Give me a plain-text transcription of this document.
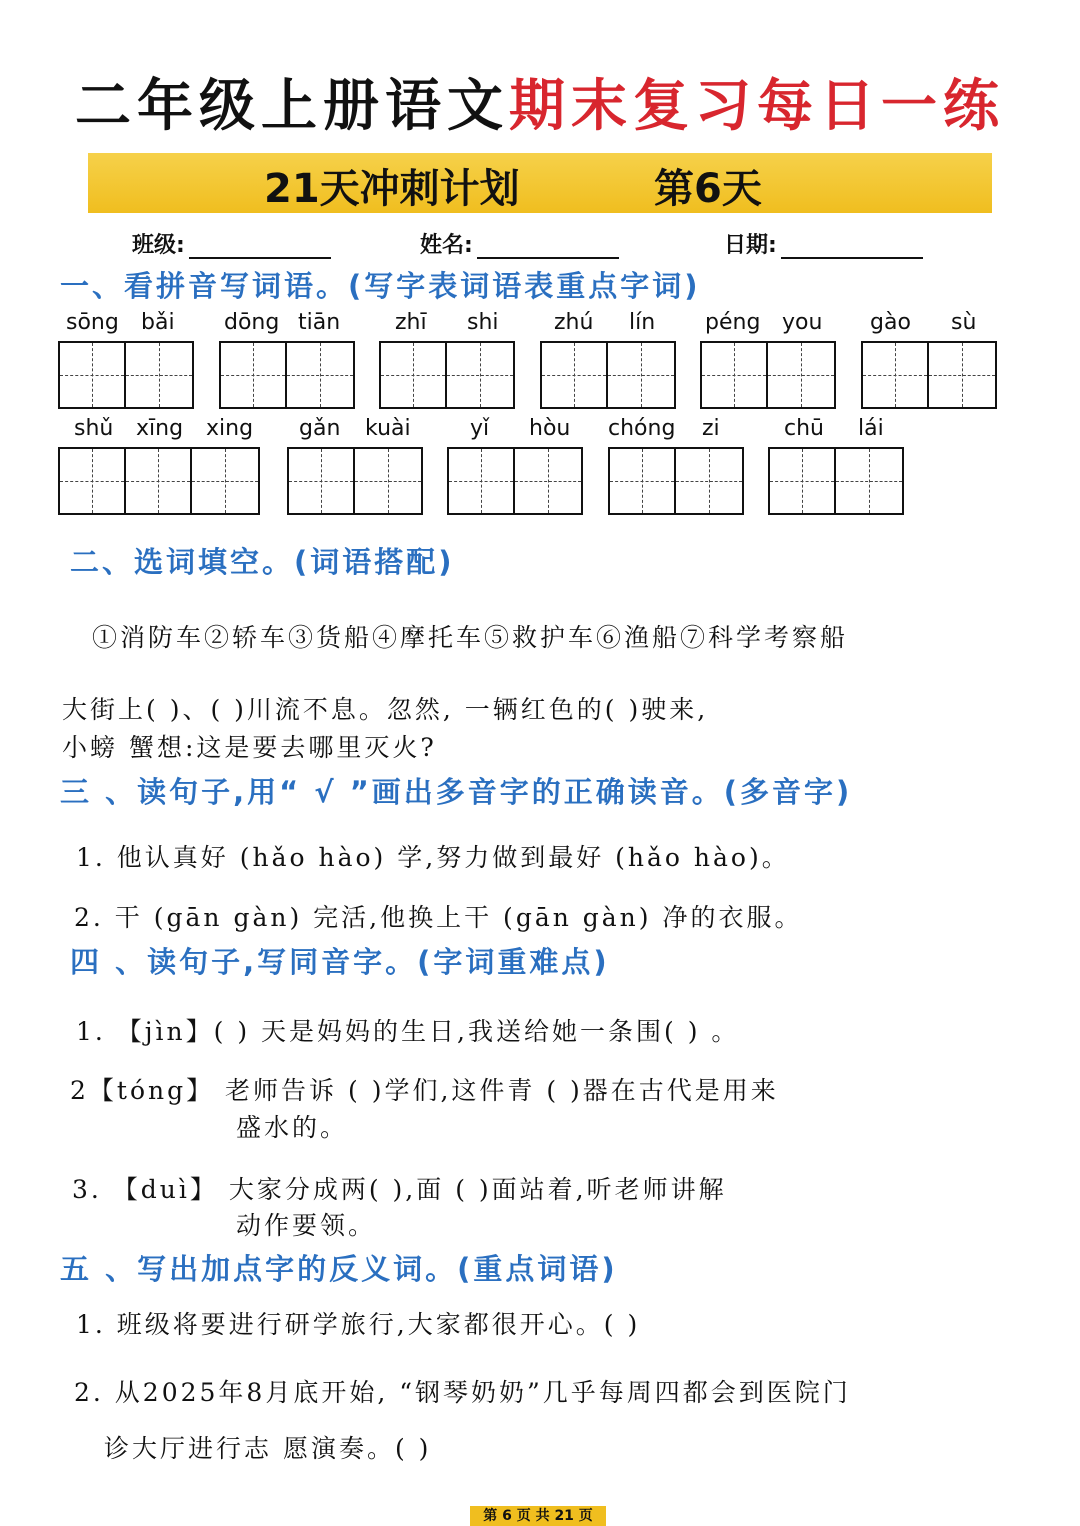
二年级上册语文期末复习每日一练
21天冲刺计划	第6天
班级:	姓名:	日期:
一、看拼音写词语。(写字表词语表重点字词)
sōng bǎi dōng tiān zhī shi	zhú lín péng you gào sù
shǔ xīng xing gǎn kuài	yǐ hòu chóng zi	chū lái
二、选词填空。(词语搭配)
①消防车②轿车③货船④摩托车⑤救护车⑥渔船⑦科学考察船
大街上( )、( )川流不息。忽然, 一辆红色的( )驶来,
小螃 蟹想:这是要去哪里灭火?
三 、读句子,用“ √ ”画出多音字的正确读音。(多音字)
1. 他认真好 (hǎo hào) 学,努力做到最好 (hǎo hào)。
2. 干 (gān gàn) 完活,他换上干 (gān gàn) 净的衣服。
四 、读句子,写同音字。(字词重难点)
1. 【jìn】( ) 天是妈妈的生日,我送给她一条围( ) 。
2【tóng】 老师告诉 ( )学们,这件青 ( )器在古代是用来
盛水的。
3. 【duì】 大家分成两( ),面 ( )面站着,听老师讲解
动作要领。
五 、写出加点字的反义词。(重点词语)
1. 班级将要进行研学旅行,大家都很开心。( )
2. 从2025年8月底开始, “钢琴奶奶”几乎每周四都会到医院门
诊大厅进行志 愿演奏。( )
第 6 页 共 21 页
